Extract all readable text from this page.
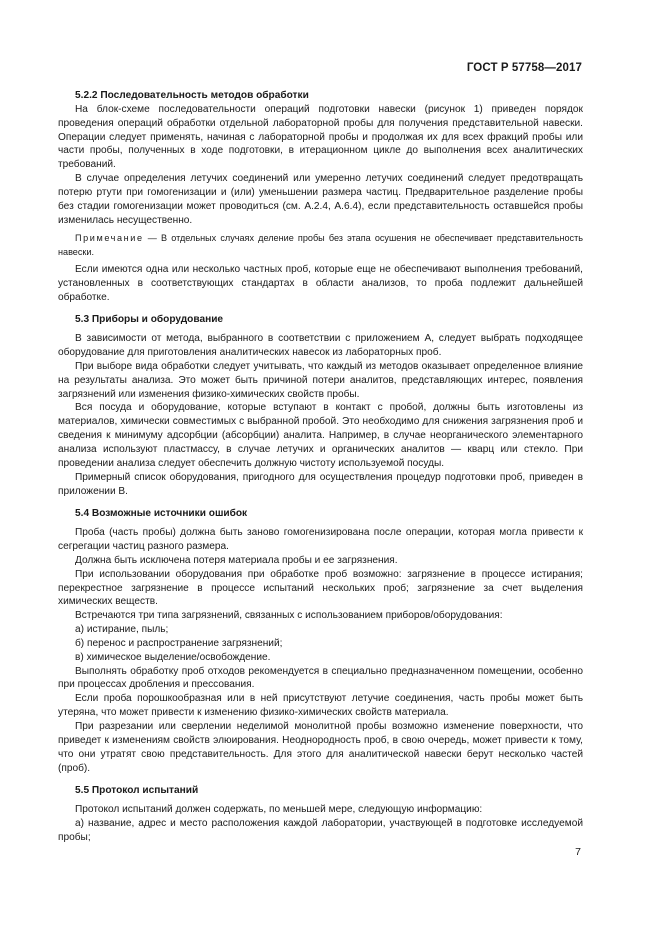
ГОСТ Р 57758—2017

5.2.2 Последовательность методов обработки

На блок-схеме последовательности операций подготовки навески (рисунок 1) приведен порядок проведения операций обработки отдельной лабораторной пробы для получения представительной навески. Операции следует применять, начиная с лабораторной пробы и продолжая их для всех фракций пробы или части пробы, полученных в ходе подготовки, в итерационном цикле до выполнения всех аналитических требований.

В случае определения летучих соединений или умеренно летучих соединений следует предотвращать потерю ртути при гомогенизации и (или) уменьшении размера частиц. Предварительное разделение пробы без стадии гомогенизации может проводиться (см. А.2.4, А.6.4), если представительность оставшейся пробы изменилась несущественно.

Примечание — В отдельных случаях деление пробы без этапа осушения не обеспечивает представительность навески.

Если имеются одна или несколько частных проб, которые еще не обеспечивают выполнения требований, установленных в соответствующих стандартах в области анализов, то проба подлежит дальнейшей обработке.

5.3 Приборы и оборудование

В зависимости от метода, выбранного в соответствии с приложением А, следует выбрать подходящее оборудование для приготовления аналитических навесок из лабораторных проб.

При выборе вида обработки следует учитывать, что каждый из методов оказывает определенное влияние на результаты анализа. Это может быть причиной потери аналитов, представляющих интерес, появления загрязнений или изменения физико-химических свойств пробы.

Вся посуда и оборудование, которые вступают в контакт с пробой, должны быть изготовлены из материалов, химически совместимых с выбранной пробой. Это необходимо для снижения загрязнения проб и сведения к минимуму адсорбции (абсорбции) аналита. Например, в случае неорганического элементарного анализа используют пластмассу, в случае летучих и органических аналитов — кварц или стекло. При проведении анализа следует обеспечить должную чистоту используемой посуды.

Примерный список оборудования, пригодного для осуществления процедур подготовки проб, приведен в приложении В.

5.4 Возможные источники ошибок

Проба (часть пробы) должна быть заново гомогенизирована после операции, которая могла привести к сегрегации частиц разного размера.

Должна быть исключена потеря материала пробы и ее загрязнения.

При использовании оборудования при обработке проб возможно: загрязнение в процессе истирания; перекрестное загрязнение в процессе испытаний нескольких проб; загрязнение за счет выделения химических веществ.

Встречаются три типа загрязнений, связанных с использованием приборов/оборудования:

а) истирание, пыль;

б) перенос и распространение загрязнений;

в) химическое выделение/освобождение.

Выполнять обработку проб отходов рекомендуется в специально предназначенном помещении, особенно при процессах дробления и прессования.

Если проба порошкообразная или в ней присутствуют летучие соединения, часть пробы может быть утеряна, что может привести к изменению физико-химических свойств материала.

При разрезании или сверлении неделимой монолитной пробы возможно изменение поверхности, что приведет к изменениям свойств элюирования. Неоднородность проб, в свою очередь, может привести к тому, что они утратят свою представительность. Для этого для аналитической навески берут несколько частей (проб).

5.5 Протокол испытаний

Протокол испытаний должен содержать, по меньшей мере, следующую информацию:

а) название, адрес и место расположения каждой лаборатории, участвующей в подготовке исследуемой пробы;

7
